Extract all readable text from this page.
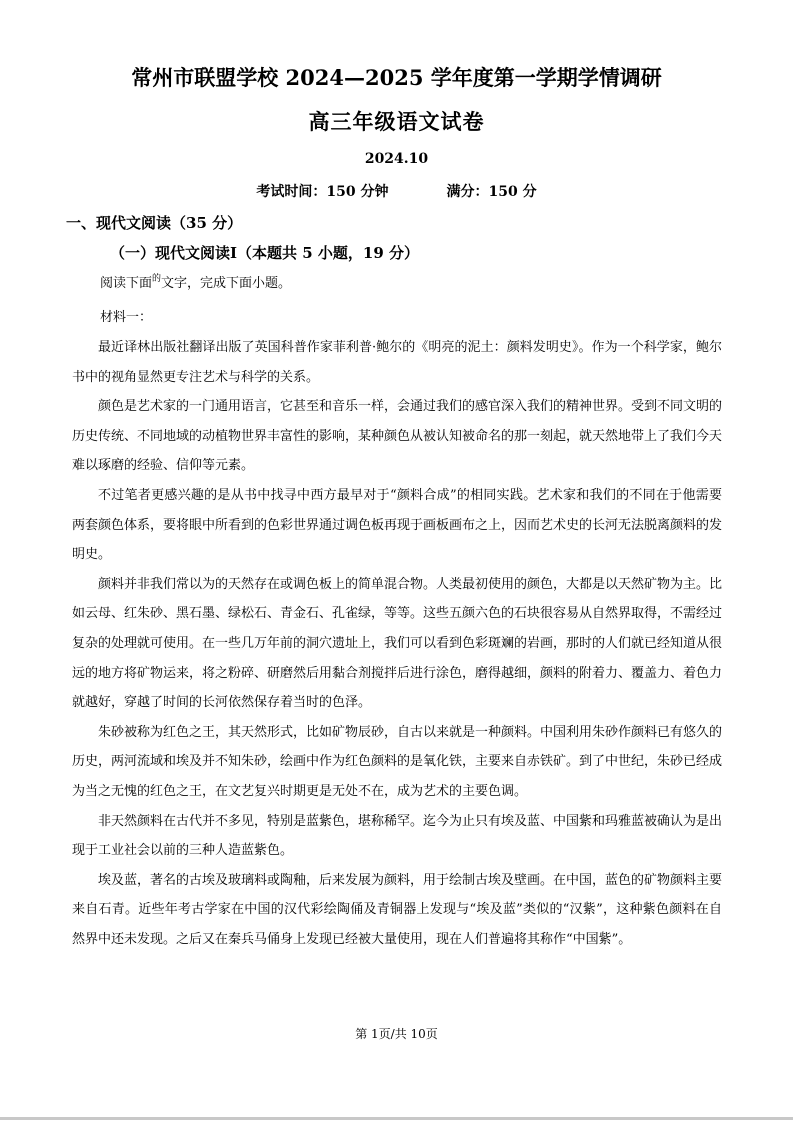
常州市联盟学校 2024—2025 学年度第一学期学情调研
高三年级语文试卷
2024.10
考试时间：150 分钟	满分：150 分
一、现代文阅读（35 分）
（一）现代文阅读Ⅰ（本题共 5 小题，19 分）
阅读下面$^的$文字，完成下面小题。
材料一：

最近译林出版社翻译出版了英国科普作家菲利普·鲍尔的《明亮的泥土：颜料发明史》。作为一个科学家，鲍尔书中的视角显然更专注艺术与科学的关系。

颜色是艺术家的一门通用语言，它甚至和音乐一样，会通过我们的感官深入我们的精神世界。受到不同文明的历史传统、不同地域的动植物世界丰富性的影响，某种颜色从被认知被命名的那一刻起，就天然地带上了我们今天难以琢磨的经验、信仰等元素。

不过笔者更感兴趣的是从书中找寻中西方最早对于“颜料合成”的相同实践。艺术家和我们的不同在于他需要两套颜色体系，要将眼中所看到的色彩世界通过调色板再现于画板画布之上，因而艺术史的长河无法脱离颜料的发明史。

颜料并非我们常以为的天然存在或调色板上的简单混合物。人类最初使用的颜色，大都是以天然矿物为主。比如云母、红朱砂、黑石墨、绿松石、青金石、孔雀绿，等等。这些五颜六色的石块很容易从自然界取得，不需经过复杂的处理就可使用。在一些几万年前的洞穴遗址上，我们可以看到色彩斑斓的岩画，那时的人们就已经知道从很远的地方将矿物运来，将之粉碎、研磨然后用黏合剂搅拌后进行涂色，磨得越细，颜料的附着力、覆盖力、着色力就越好，穿越了时间的长河依然保存着当时的色泽。

朱砂被称为红色之王，其天然形式，比如矿物辰砂，自古以来就是一种颜料。中国利用朱砂作颜料已有悠久的历史，两河流域和埃及并不知朱砂，绘画中作为红色颜料的是氧化铁，主要来自赤铁矿。到了中世纪，朱砂已经成为当之无愧的红色之王，在文艺复兴时期更是无处不在，成为艺术的主要色调。

非天然颜料在古代并不多见，特别是蓝紫色，堪称稀罕。迄今为止只有埃及蓝、中国紫和玛雅蓝被确认为是出现于工业社会以前的三种人造蓝紫色。

埃及蓝，著名的古埃及玻璃料或陶釉，后来发展为颜料，用于绘制古埃及壁画。在中国，蓝色的矿物颜料主要来自石青。近些年考古学家在中国的汉代彩绘陶俑及青铜器上发现与“埃及蓝”类似的“汉紫”，这种紫色颜料在自然界中还未发现。之后又在秦兵马俑身上发现已经被大量使用，现在人们普遍将其称作“中国紫”。

第 1页/共 10页
